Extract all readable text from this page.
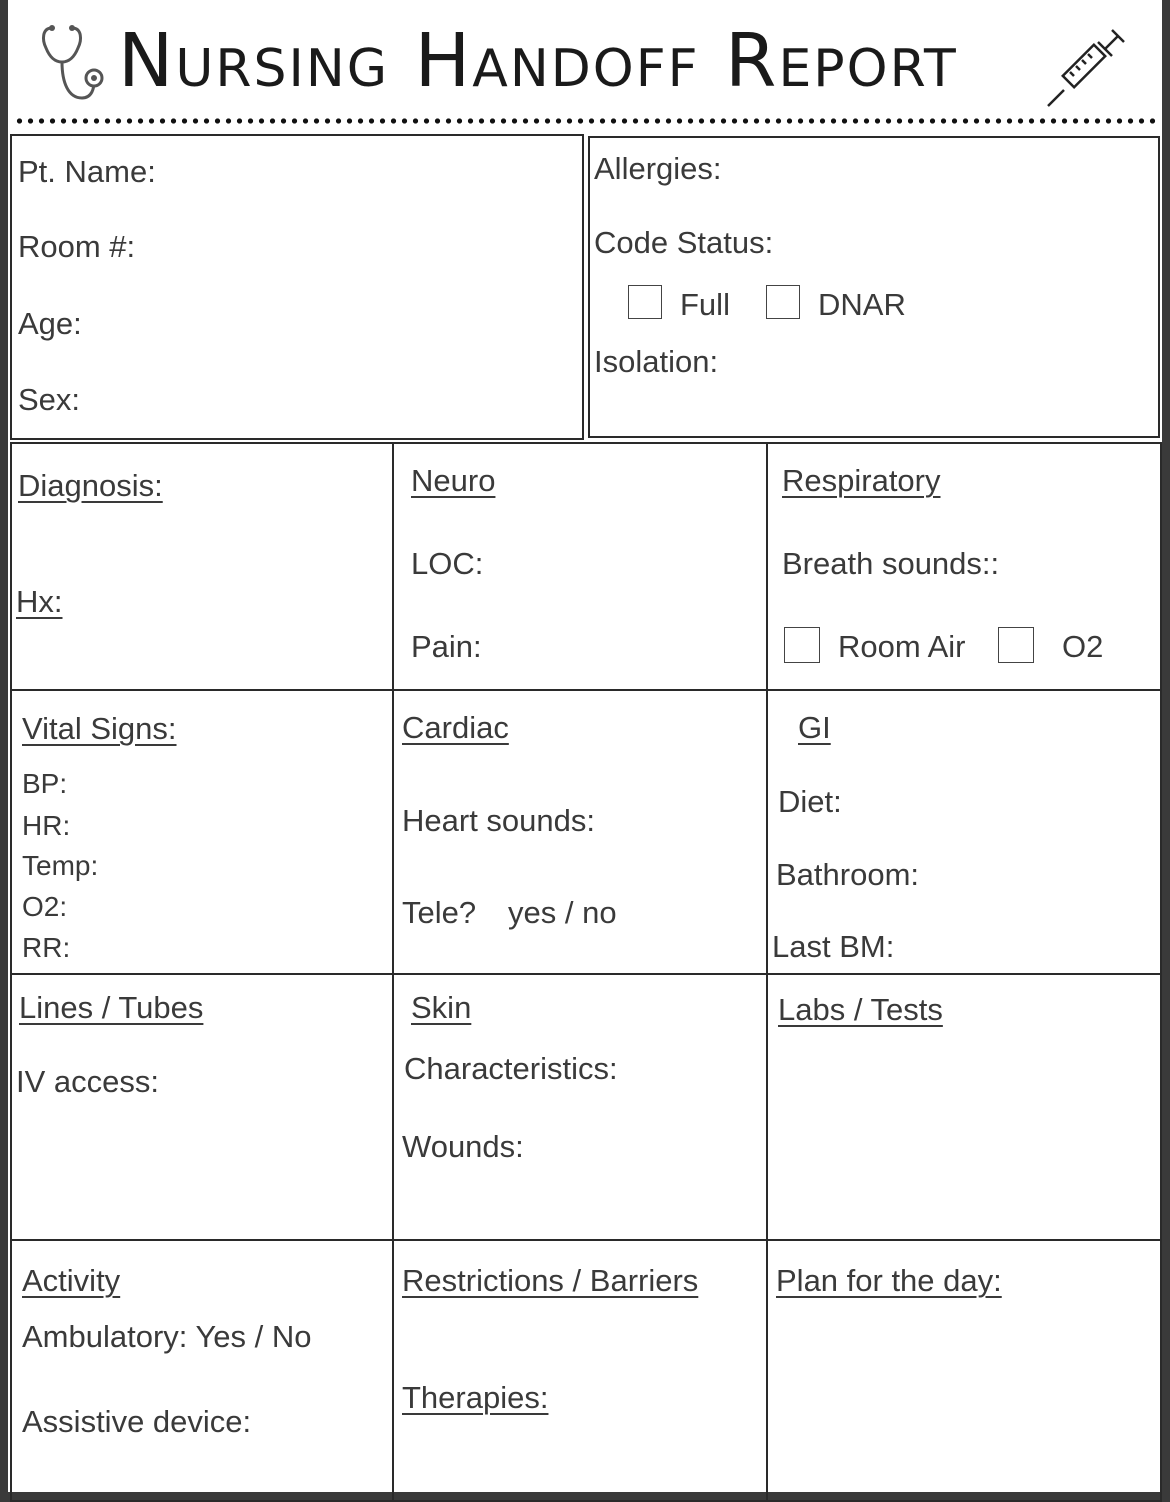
Nursing Handoff Report
Pt. Name:
Room #:
Age:
Sex:
Allergies:
Code Status:
Full	DNAR
Isolation:
Diagnosis:
Hx:
Neuro
LOC:
Pain:
Respiratory
Breath sounds::
Room Air	O2
Vital Signs:
BP:
HR:
Temp:
O2:
RR:
Cardiac
Heart sounds:
Tele? yes / no
GI
Diet:
Bathroom:
Last BM:
Lines / Tubes
IV access:
Skin
Characteristics:
Wounds:
Labs / Tests
Activity
Ambulatory: Yes / No
Assistive device:
Restrictions / Barriers
Therapies:
Plan for the day:
